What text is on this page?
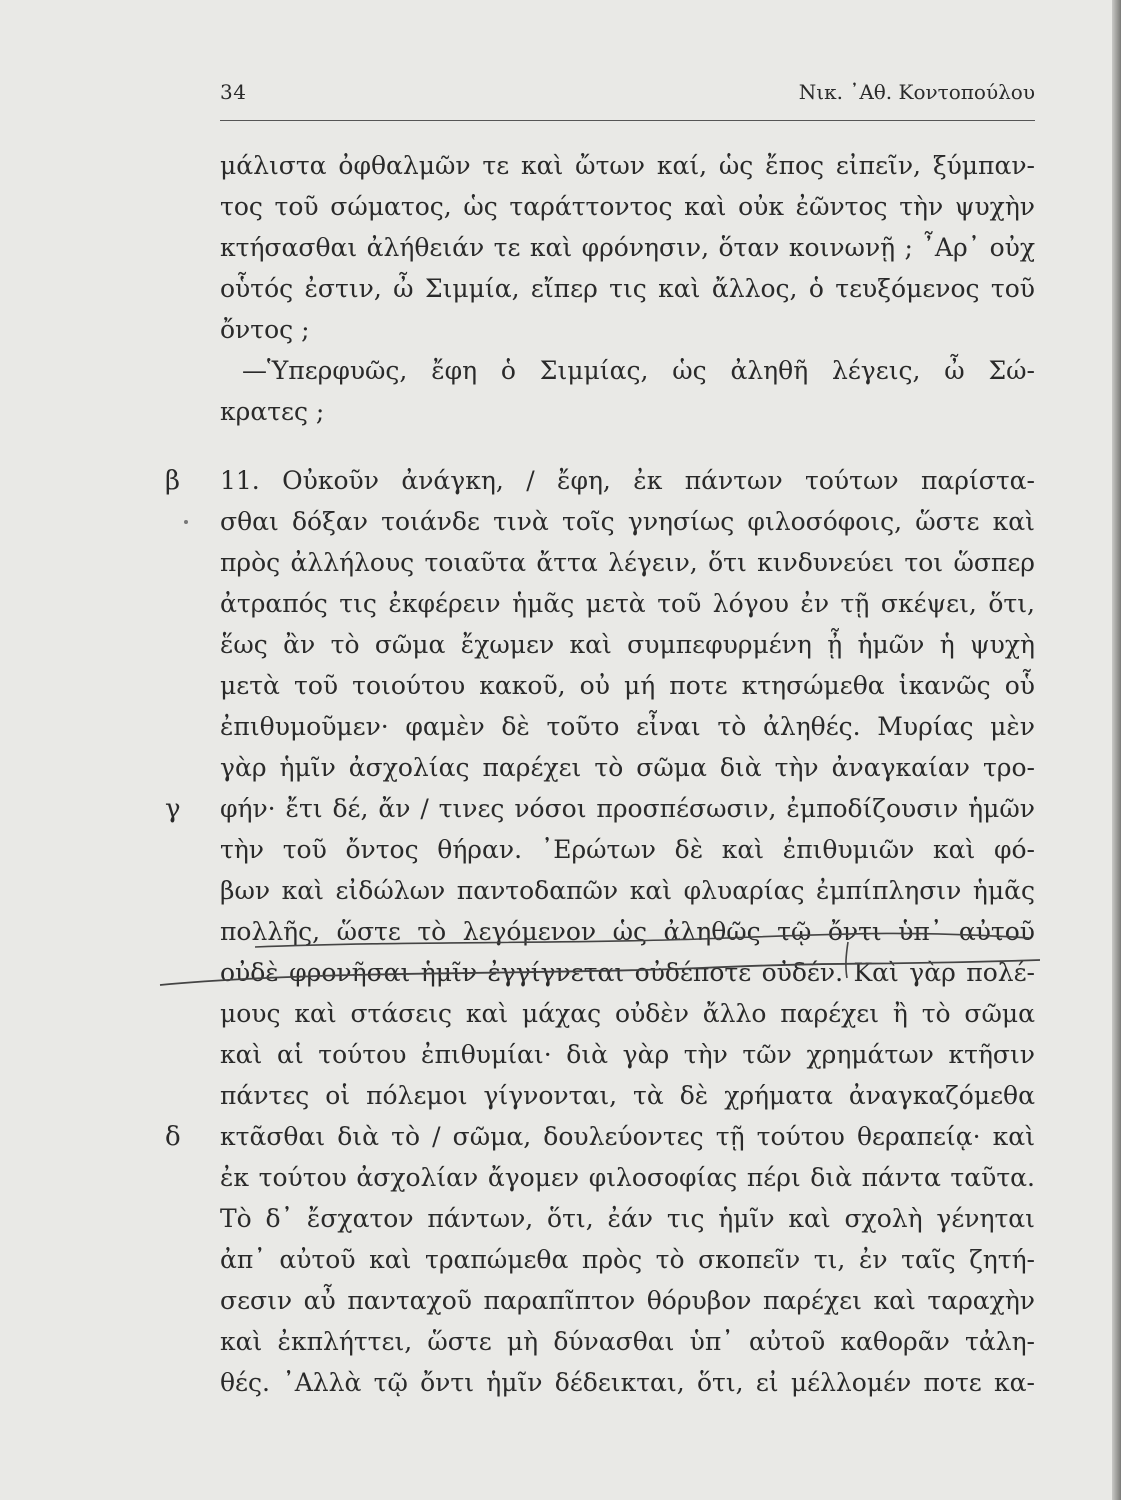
34	Νικ. ᾿Αθ. Κοντοπούλου
μάλιστα ὀφθαλμῶν τε καὶ ὤτων καί, ὡς ἔπος εἰπεῖν, ξύμπαν-
τος τοῦ σώματος, ὡς ταράττοντος καὶ οὐκ ἐῶντος τὴν ψυχὴν
κτήσασθαι ἀλήθειάν τε καὶ φρόνησιν, ὅταν κοινωνῇ ; ῏Αρ᾿ οὐχ
οὗτός ἐστιν, ὦ Σιμμία, εἴπερ τις καὶ ἄλλος, ὁ τευξόμενος τοῦ
ὄντος ;
—Ὑπερφυῶς, ἔφη ὁ Σιμμίας, ὡς ἀληθῆ λέγεις, ὦ Σώ-
κρατες ;
β	11. Οὐκοῦν ἀνάγκη, / ἔφη, ἐκ πάντων τούτων παρίστα-
σθαι δόξαν τοιάνδε τινὰ τοῖς γνησίως φιλοσόφοις, ὥστε καὶ
πρὸς ἀλλήλους τοιαῦτα ἄττα λέγειν, ὅτι κινδυνεύει τοι ὥσπερ
ἀτραπός τις ἐκφέρειν ἡμᾶς μετὰ τοῦ λόγου ἐν τῇ σκέψει, ὅτι,
ἕως ἂν τὸ σῶμα ἔχωμεν καὶ συμπεφυρμένη ᾖ ἡμῶν ἡ ψυχὴ
μετὰ τοῦ τοιούτου κακοῦ, οὐ μή ποτε κτησώμεθα ἱκανῶς οὗ
ἐπιθυμοῦμεν· φαμὲν δὲ τοῦτο εἶναι τὸ ἀληθές. Μυρίας μὲν
γὰρ ἡμῖν ἀσχολίας παρέχει τὸ σῶμα διὰ τὴν ἀναγκαίαν τρο-
γ	φήν· ἔτι δέ, ἄν / τινες νόσοι προσπέσωσιν, ἐμποδίζουσιν ἡμῶν
τὴν τοῦ ὄντος θήραν. ᾿Ερώτων δὲ καὶ ἐπιθυμιῶν καὶ φό-
βων καὶ εἰδώλων παντοδαπῶν καὶ φλυαρίας ἐμπίπλησιν ἡμᾶς
πολλῆς, ὥστε τὸ λεγόμενον ὡς ἀληθῶς τῷ ὄντι ὑπ᾿ αὐτοῦ
οὐδὲ φρονῆσαι ἡμῖν ἐγγίγνεται οὐδέποτε οὐδέν. Καὶ γὰρ πολέ-
μους καὶ στάσεις καὶ μάχας οὐδὲν ἄλλο παρέχει ἢ τὸ σῶμα
καὶ αἱ τούτου ἐπιθυμίαι· διὰ γὰρ τὴν τῶν χρημάτων κτῆσιν
πάντες οἱ πόλεμοι γίγνονται, τὰ δὲ χρήματα ἀναγκαζόμεθα
δ	κτᾶσθαι διὰ τὸ / σῶμα, δουλεύοντες τῇ τούτου θεραπείᾳ· καὶ
ἐκ τούτου ἀσχολίαν ἄγομεν φιλοσοφίας πέρι διὰ πάντα ταῦτα.
Τὸ δ᾿ ἔσχατον πάντων, ὅτι, ἐάν τις ἡμῖν καὶ σχολὴ γένηται
ἀπ᾿ αὐτοῦ καὶ τραπώμεθα πρὸς τὸ σκοπεῖν τι, ἐν ταῖς ζητή-
σεσιν αὖ πανταχοῦ παραπῖπτον θόρυβον παρέχει καὶ ταραχὴν
καὶ ἐκπλήττει, ὥστε μὴ δύνασθαι ὑπ᾿ αὐτοῦ καθορᾶν τἀλη-
θές. ᾿Αλλὰ τῷ ὄντι ἡμῖν δέδεικται, ὅτι, εἰ μέλλομέν ποτε κα-
